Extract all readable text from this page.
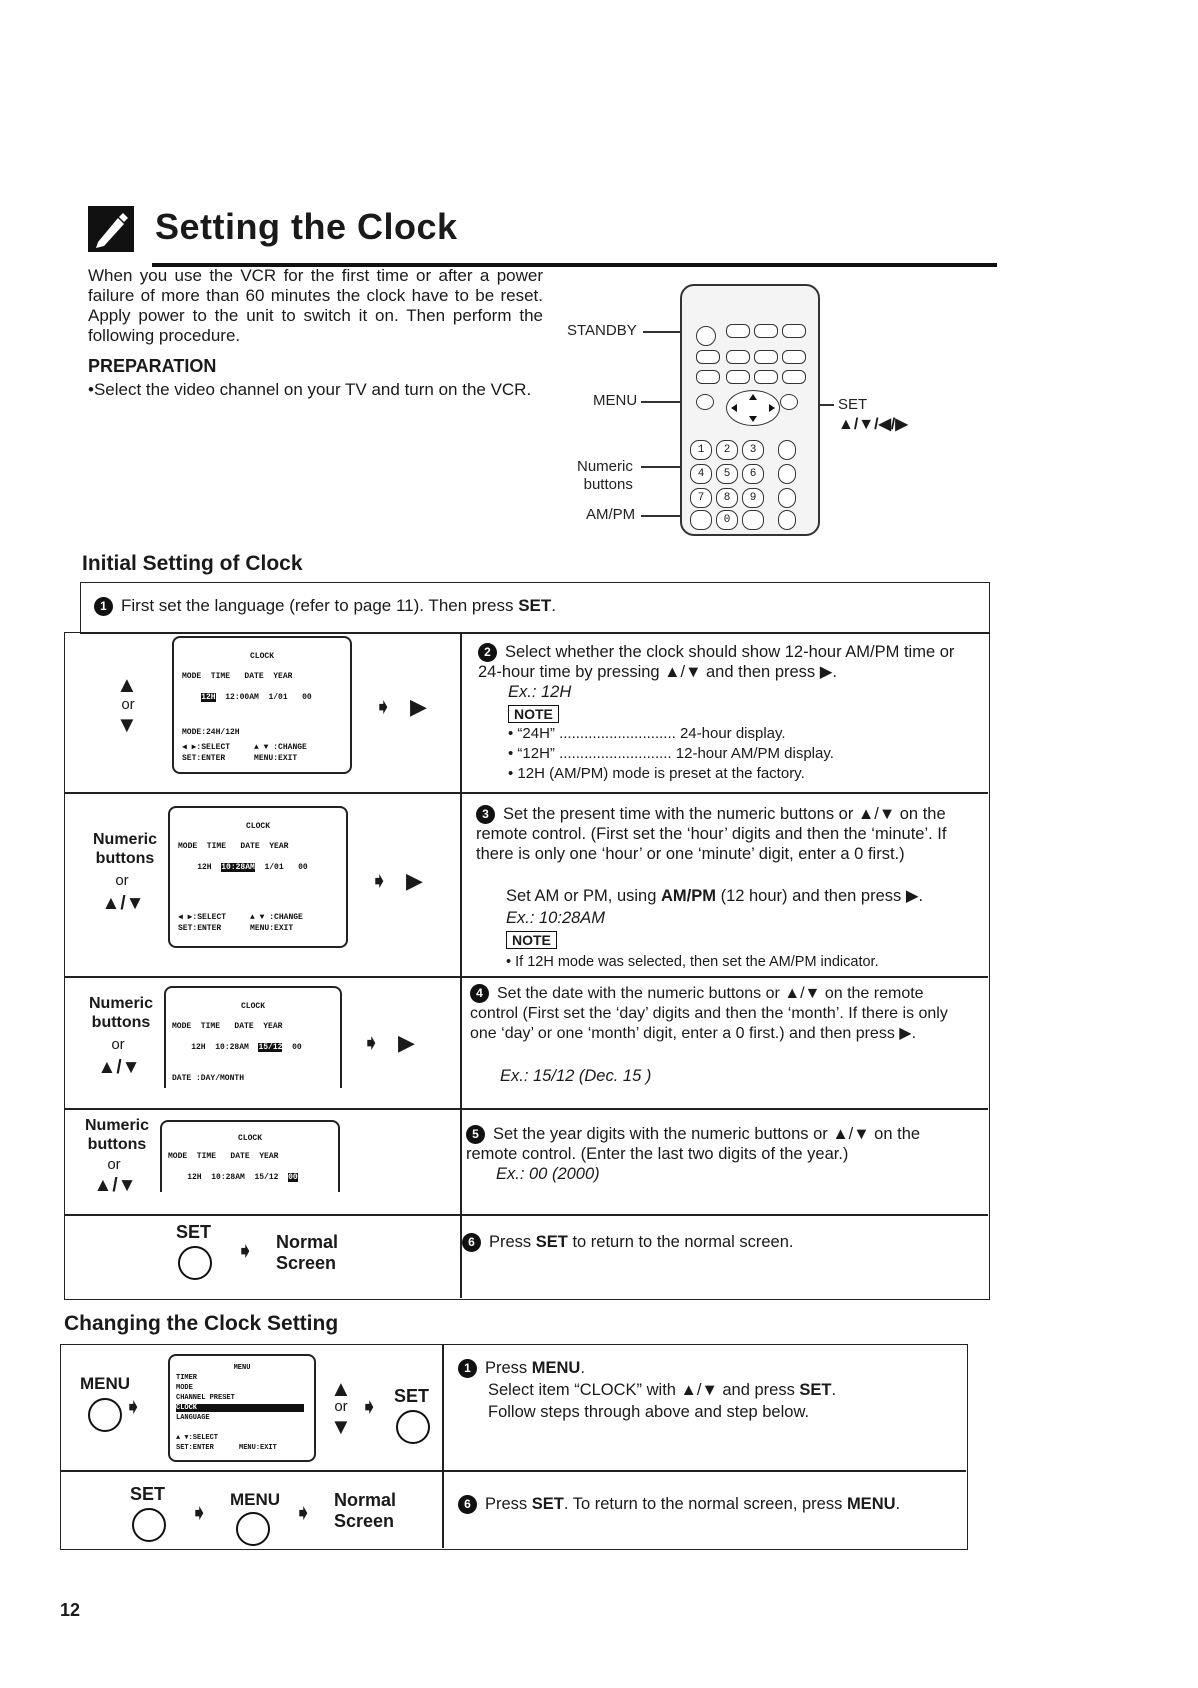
Setting the Clock
When you use the VCR for the first time or after a power failure of more than 60 minutes the clock have to be reset. Apply power to the unit to switch it on. Then perform the following procedure.
PREPARATION
•Select the video channel on your TV and turn on the VCR.
STANDBY
MENU
Numeric
buttons
AM/PM
SET
▲/▼/◀/▶
1	2	3
4	5	6
7	8	9
0
Initial Setting of Clock
1 First set the language (refer to page 11). Then press SET.
▲
or
▼
CLOCK
MODE  TIME   DATE  YEAR

12H 12:00AM 1/01 00

MODE:24H/12H
◀ ▶:SELECT     ▲ ▼ :CHANGE
SET:ENTER      MENU:EXIT
➧ ▶
2 Select whether the clock should show 12-hour AM/PM time or 24-hour time by pressing ▲/▼ and then press ▶.
Ex.: 12H
NOTE
• “24H” ............................ 24-hour display.
• “12H” ........................... 12-hour AM/PM display.
• 12H (AM/PM) mode is preset at the factory.
Numeric
buttons
or
▲/▼
CLOCK
MODE  TIME   DATE  YEAR

12H 10:28AM 1/01 00

◀ ▶:SELECT     ▲ ▼ :CHANGE
SET:ENTER      MENU:EXIT
➧ ▶
3 Set the present time with the numeric buttons or ▲/▼ on the remote control. (First set the ‘hour’ digits and then the ‘minute’. If there is only one ‘hour’ or one ‘minute’ digit, enter a 0 first.)
Set AM or PM, using AM/PM (12 hour) and then press ▶.
Ex.: 10:28AM
NOTE
• If 12H mode was selected, then set the AM/PM indicator.
Numeric
buttons
or
▲/▼
CLOCK
MODE  TIME   DATE  YEAR

12H 10:28AM 15/12 00

DATE :DAY/MONTH
➧ ▶
4 Set the date with the numeric buttons or ▲/▼ on the remote control (First set the ‘day’ digits and then the ‘month’. If there is only one ‘day’ or one ‘month’ digit, enter a 0 first.) and then press ▶.
Ex.: 15/12 (Dec. 15 )
Numeric
buttons
or
▲/▼
CLOCK
MODE  TIME   DATE  YEAR

12H 10:28AM 15/12 00

5 Set the year digits with the numeric buttons or ▲/▼ on the remote control. (Enter the last two digits of the year.)
Ex.: 00 (2000)
SET
➧ Normal
Screen
6 Press SET to return to the normal screen.
Changing the Clock Setting
MENU
➧
MENU
TIMER
MODE
CHANNEL PRESET
CLOCK
LANGUAGE
▲ ▼:SELECT
SET:ENTER      MENU:EXIT
▲
or
▼
➧ SET
1 Press MENU.
Select item “CLOCK” with ▲/▼ and press SET.
Follow steps through above and step below.
SET
➧
MENU
➧ Normal
Screen
6 Press SET. To return to the normal screen, press MENU.
12
